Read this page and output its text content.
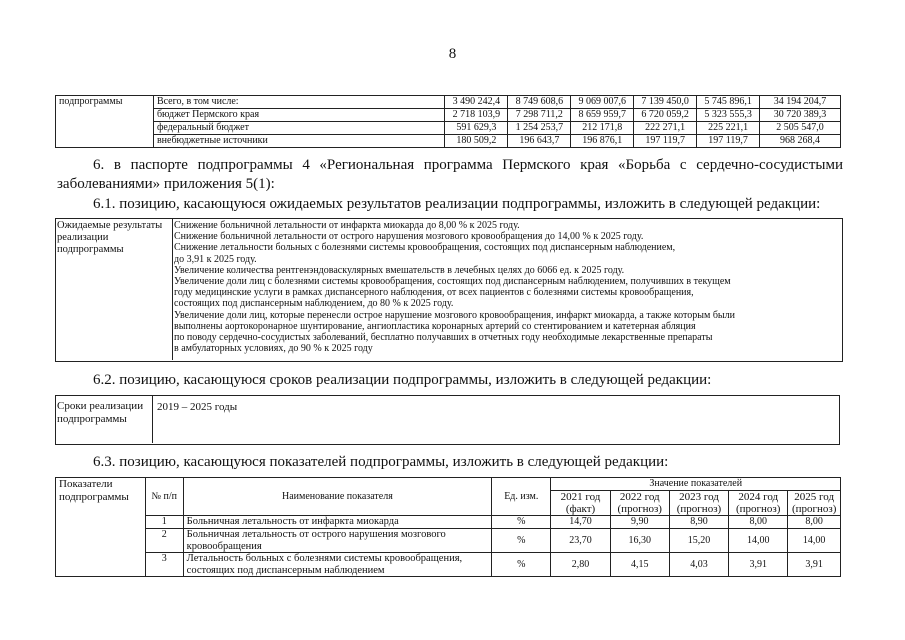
8
подпрограммы	Всего, в том числе:	3 490 242,4	8 749 608,6	9 069 007,6	7 139 450,0	5 745 896,1	34 194 204,7
	бюджет Пермского края	2 718 103,9	7 298 711,2	8 659 959,7	6 720 059,2	5 323 555,3	30 720 389,3
	федеральный бюджет	591 629,3	1 254 253,7	212 171,8	222 271,1	225 221,1	2 505 547,0
	внебюджетные источники	180 509,2	196 643,7	196 876,1	197 119,7	197 119,7	968 268,4
6. в паспорте подпрограммы 4 «Региональная программа Пермского края «Борьба с сердечно-сосудистыми заболеваниями» приложения 5(1):
6.1. позицию, касающуюся ожидаемых результатов реализации подпрограммы, изложить в следующей редакции:
Ожидаемые результаты реализации подпрограммы
Снижение больничной летальности от инфаркта миокарда до 8,00 % к 2025 году.
Снижение больничной летальности от острого нарушения мозгового кровообращения до 14,00 % к 2025 году.
Снижение летальности больных с болезнями системы кровообращения, состоящих под диспансерным наблюдением,
до 3,91 к 2025 году.
Увеличение количества рентгенэндоваскулярных вмешательств в лечебных целях до 6066 ед. к 2025 году.
Увеличение доли лиц с болезнями системы кровообращения, состоящих под диспансерным наблюдением, получивших в текущем
году медицинские услуги в рамках диспансерного наблюдения, от всех пациентов с болезнями системы кровообращения,
состоящих под диспансерным наблюдением, до 80 % к 2025 году.
Увеличение доли лиц, которые перенесли острое нарушение мозгового кровообращения, инфаркт миокарда, а также которым были
выполнены аортокоронарное шунтирование, ангиопластика коронарных артерий со стентированием и катетерная абляция
по поводу сердечно-сосудистых заболеваний, бесплатно получавших в отчетных году необходимые лекарственные препараты
в амбулаторных условиях, до 90 % к 2025 году
6.2. позицию, касающуюся сроков реализации подпрограммы, изложить в следующей редакции:
Сроки реализации подпрограммы
2019 – 2025 годы
6.3. позицию, касающуюся показателей подпрограммы, изложить в следующей редакции:
Показатели подпрограммы	№ п/п	Наименование показателя	Ед. изм.	Значение показателей				
				2021 год (факт)	2022 год (прогноз)	2023 год (прогноз)	2024 год (прогноз)	2025 год (прогноз)
	1	Больничная летальность от инфаркта миокарда	%	14,70	9,90	8,90	8,00	8,00
	2	Больничная летальность от острого нарушения мозгового кровообращения	%	23,70	16,30	15,20	14,00	14,00
	3	Летальность больных с болезнями системы кровообращения, состоящих под диспансерным наблюдением	%	2,80	4,15	4,03	3,91	3,91
